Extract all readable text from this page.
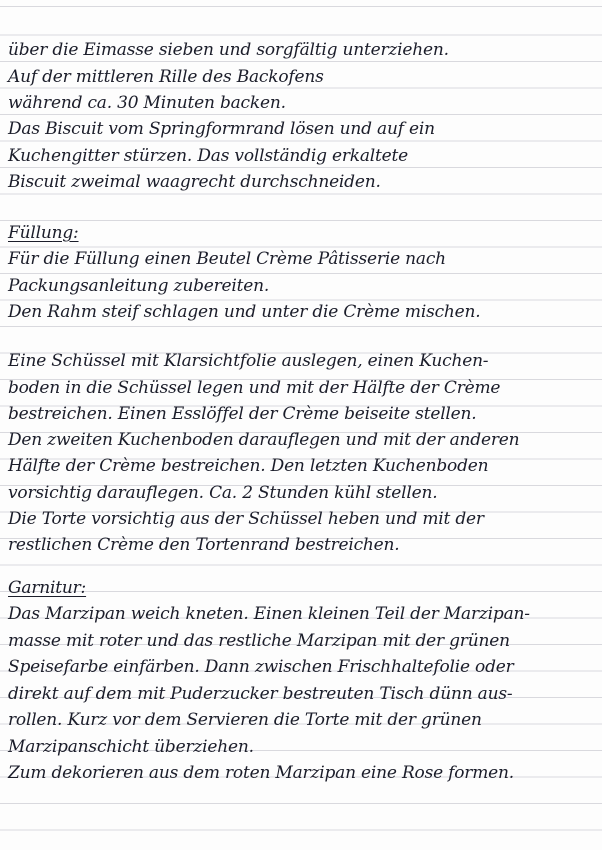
über die Eimasse sieben und sorgfältig unterziehen.
Auf der mittleren Rille des Backofens
während ca. 30 Minuten backen.
Das Biscuit vom Springformrand lösen und auf ein
Kuchengitter stürzen. Das vollständig erkaltete
Biscuit zweimal waagrecht durchschneiden.
Füllung:
Für die Füllung einen Beutel Crème Pâtisserie nach
Packungsanleitung zubereiten.
Den Rahm steif schlagen und unter die Crème mischen.
Eine Schüssel mit Klarsichtfolie auslegen, einen Kuchen-
boden in die Schüssel legen und mit der Hälfte der Crème
bestreichen. Einen Esslöffel der Crème beiseite stellen.
Den zweiten Kuchenboden darauflegen und mit der anderen
Hälfte der Crème bestreichen. Den letzten Kuchenboden
vorsichtig darauflegen. Ca. 2 Stunden kühl stellen.
Die Torte vorsichtig aus der Schüssel heben und mit der
restlichen Crème den Tortenrand bestreichen.
Garnitur:
Das Marzipan weich kneten. Einen kleinen Teil der Marzipan-
masse mit roter und das restliche Marzipan mit der grünen
Speisefarbe einfärben. Dann zwischen Frischhaltefolie oder
direkt auf dem mit Puderzucker bestreuten Tisch dünn aus-
rollen. Kurz vor dem Servieren die Torte mit der grünen
Marzipanschicht überziehen.
Zum dekorieren aus dem roten Marzipan eine Rose formen.
